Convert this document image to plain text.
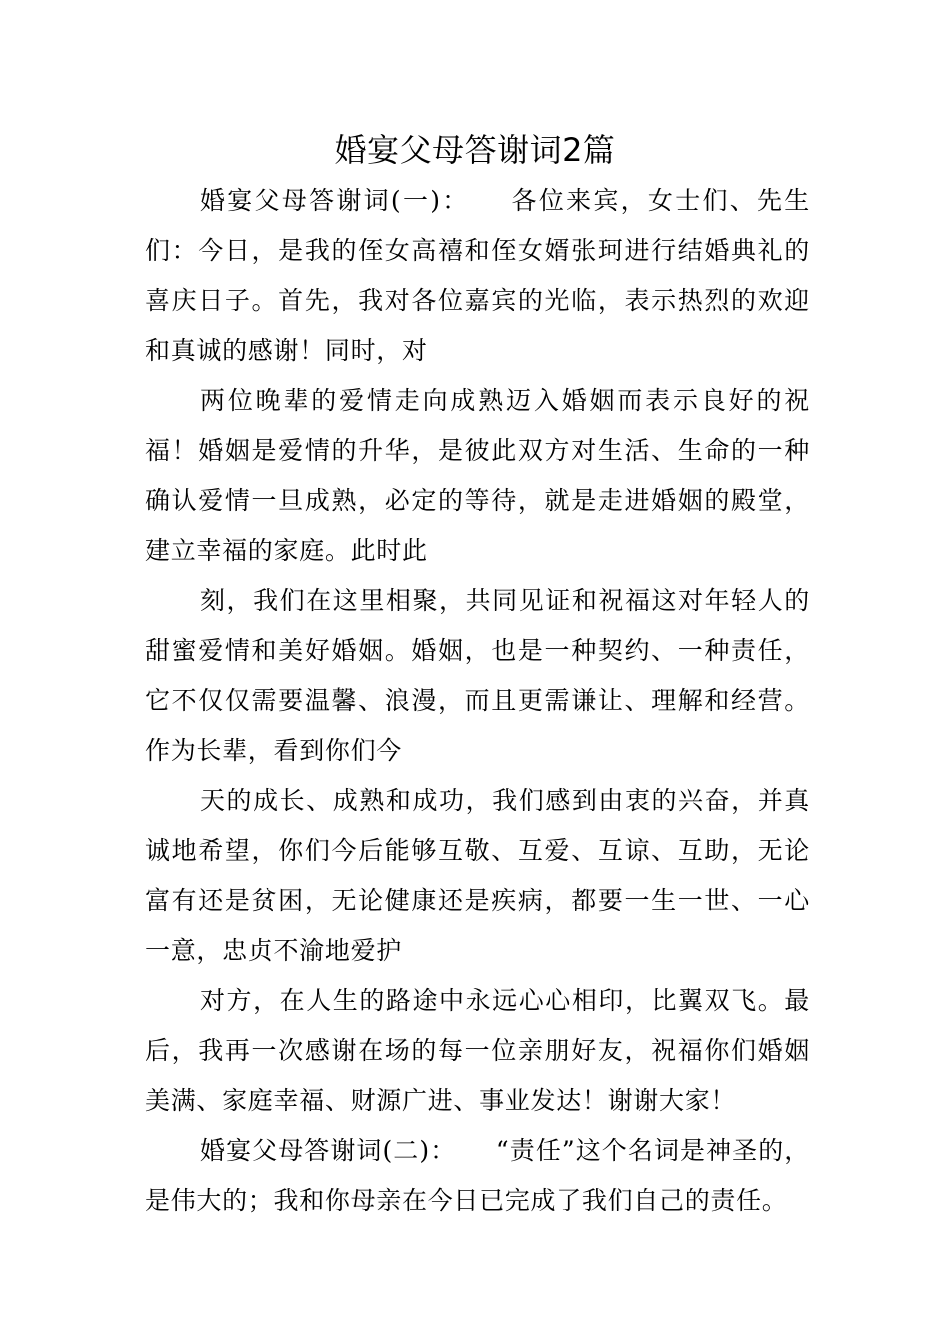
婚宴父母答谢词2篇

婚宴父母答谢词(一)：　　各位来宾，女士们、先生们：今日，是我的侄女高禧和侄女婿张珂进行结婚典礼的喜庆日子。首先，我对各位嘉宾的光临，表示热烈的欢迎和真诚的感谢！同时，对

两位晚辈的爱情走向成熟迈入婚姻而表示良好的祝福！婚姻是爱情的升华，是彼此双方对生活、生命的一种确认爱情一旦成熟，必定的等待，就是走进婚姻的殿堂，建立幸福的家庭。此时此

刻，我们在这里相聚，共同见证和祝福这对年轻人的甜蜜爱情和美好婚姻。婚姻，也是一种契约、一种责任，它不仅仅需要温馨、浪漫，而且更需谦让、理解和经营。作为长辈，看到你们今

天的成长、成熟和成功，我们感到由衷的兴奋，并真诚地希望，你们今后能够互敬、互爱、互谅、互助，无论富有还是贫困，无论健康还是疾病，都要一生一世、一心一意，忠贞不渝地爱护

对方，在人生的路途中永远心心相印，比翼双飞。最后，我再一次感谢在场的每一位亲朋好友，祝福你们婚姻美满、家庭幸福、财源广进、事业发达！谢谢大家！

婚宴父母答谢词(二)：　　“责任”这个名词是神圣的，是伟大的；我和你母亲在今日已完成了我们自己的责任。
